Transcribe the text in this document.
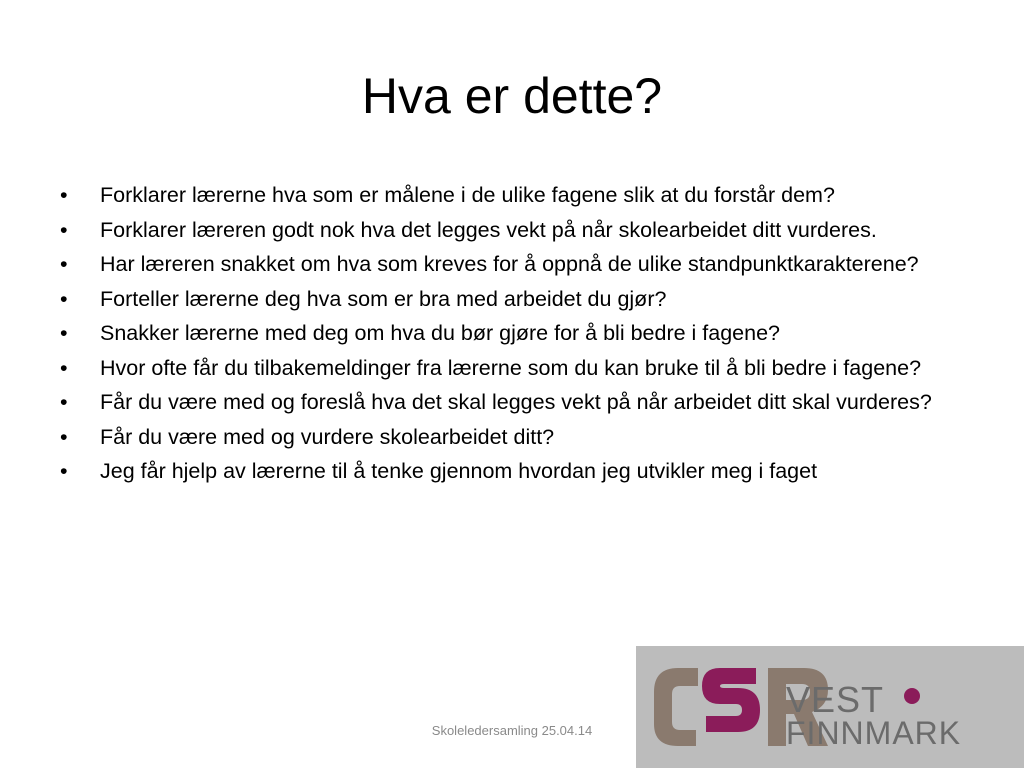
Hva er dette?
•	Forklarer lærerne hva som er målene i de ulike fagene slik at du forstår dem?
•	Forklarer læreren godt nok hva det legges vekt på når skolearbeidet ditt vurderes.
•	Har læreren snakket om hva som kreves for å oppnå de ulike standpunktkarakterene?
•	Forteller lærerne deg hva som er bra med arbeidet du gjør?
•	Snakker lærerne med deg om hva du bør gjøre for å bli bedre i fagene?
•	Hvor ofte får du tilbakemeldinger fra lærerne som du kan bruke til å bli bedre i fagene?
•	Får du være med og foreslå hva det skal legges vekt på når arbeidet ditt skal vurderes?
•	Får du være med og vurdere skolearbeidet ditt?
•	Jeg får hjelp av lærerne til å tenke gjennom hvordan jeg utvikler meg i faget
Skoleledersamling 25.04.14
VEST
FINNMARK
